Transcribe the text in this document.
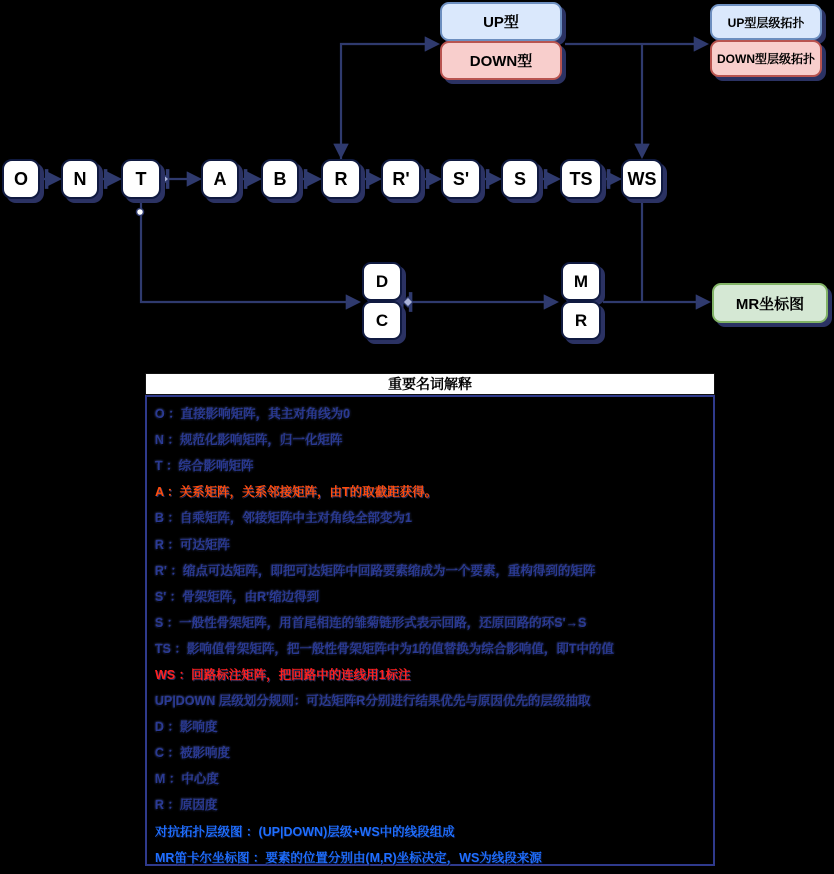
O	N	T	A	B	R	R'	S'	S	TS	WS
UP型
DOWN型
UP型层级拓扑
DOWN型层级拓扑
D
C
M
R
MR坐标图
重要名词解释
O ：直接影响矩阵，其主对角线为0
N ：规范化影响矩阵，归一化矩阵
T ：综合影响矩阵
A ：关系矩阵，关系邻接矩阵，由T的取截距获得。
B ：自乘矩阵，邻接矩阵中主对角线全部变为1
R ：可达矩阵
R' ：缩点可达矩阵，即把可达矩阵中回路要素缩成为一个要素，重构得到的矩阵
S' ：骨架矩阵，由R'缩边得到
S ：一般性骨架矩阵，用首尾相连的雏菊链形式表示回路，还原回路的环S'→S
TS ：影响值骨架矩阵，把一般性骨架矩阵中为1的值替换为综合影响值，即T中的值
WS ：回路标注矩阵，把回路中的连线用1标注
UP|DOWN 层级划分规则：可达矩阵R分别进行结果优先与原因优先的层级抽取
D ：影响度
C ：被影响度
M ：中心度
R ：原因度
对抗拓扑层级图 ：(UP|DOWN)层级+WS中的线段组成
MR笛卡尔坐标图 ：要素的位置分别由(M,R)坐标决定，WS为线段来源
